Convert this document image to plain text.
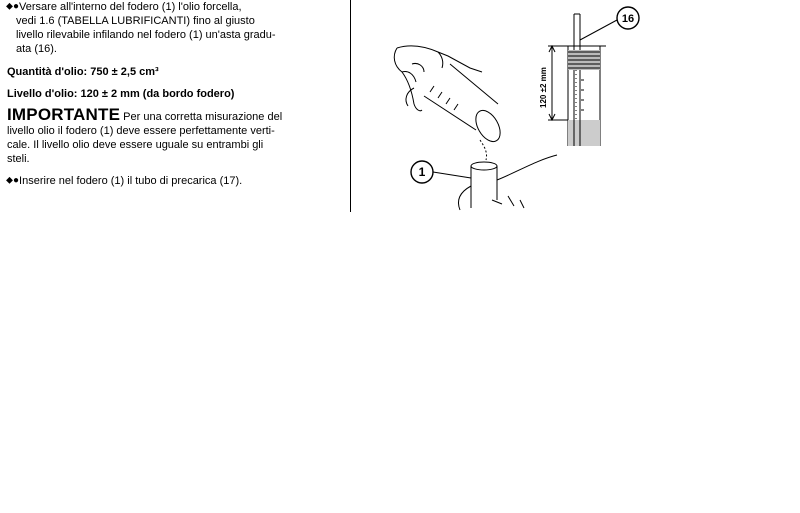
⬥● Versare all'interno del fodero (1) l'olio forcella,
vedi 1.6 (TABELLA LUBRIFICANTI) fino al giusto
livello rilevabile infilando nel fodero (1) un'asta gradu-
ata (16).
Quantità d'olio: 750 ± 2,5 cm³
Livello d'olio: 120 ± 2 mm (da bordo fodero)
IMPORTANTE Per una corretta misurazione del
livello olio il fodero (1) deve essere perfettamente verti-
cale. Il livello olio deve essere uguale su entrambi gli
steli.
⬥● Inserire nel fodero (1) il tubo di precarica (17).
1
120 ±2 mm
16
